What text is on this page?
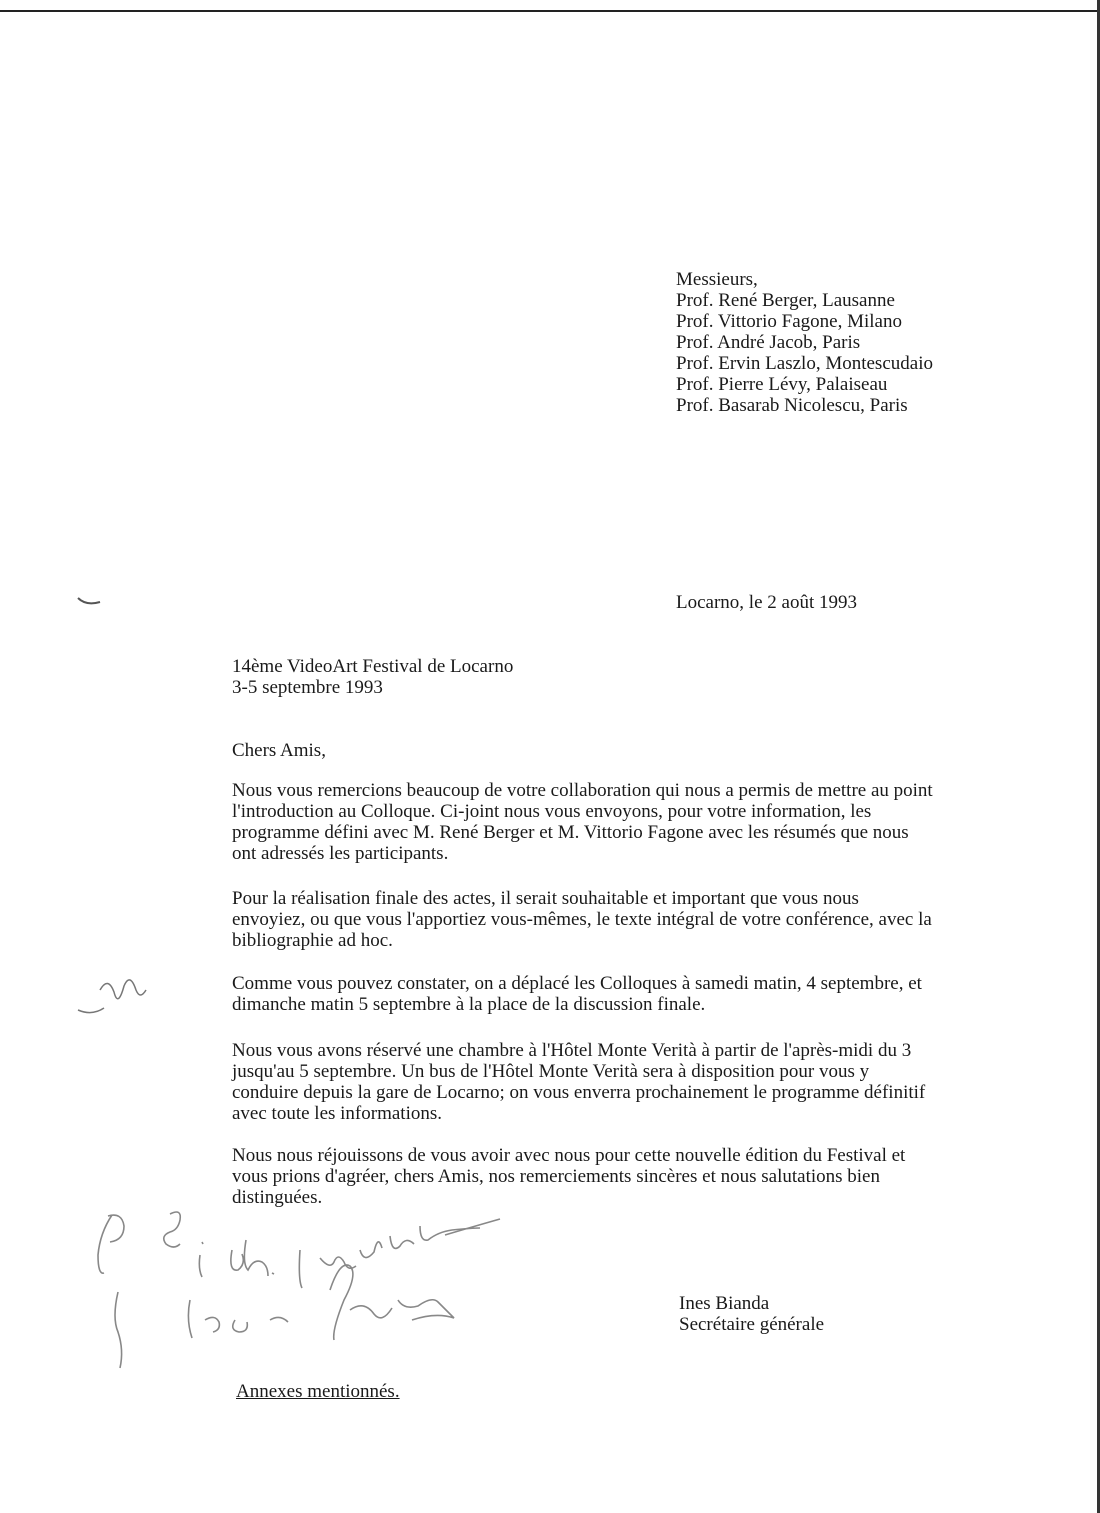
Messieurs,
Prof. René Berger, Lausanne
Prof. Vittorio Fagone, Milano
Prof. André Jacob, Paris
Prof. Ervin Laszlo, Montescudaio
Prof. Pierre Lévy, Palaiseau
Prof. Basarab Nicolescu, Paris
Locarno, le 2 août 1993
14ème VideoArt Festival de Locarno
3-5 septembre 1993
Chers Amis,
Nous vous remercions beaucoup de votre collaboration qui nous a permis de mettre au point
l'introduction au Colloque. Ci-joint nous vous envoyons, pour votre information, les
programme défini avec M. René Berger et M. Vittorio Fagone avec les résumés que nous
ont adressés les participants.
Pour la réalisation finale des actes, il serait souhaitable et important que vous nous
envoyiez, ou que vous l'apportiez vous-mêmes, le texte intégral de votre conférence, avec la
bibliographie ad hoc.
Comme vous pouvez constater, on a déplacé les Colloques à samedi matin, 4 septembre, et
dimanche matin 5 septembre à la place de la discussion finale.
Nous vous avons réservé une chambre à l'Hôtel Monte Verità à partir de l'après-midi du 3
jusqu'au 5 septembre. Un bus de l'Hôtel Monte Verità sera à disposition pour vous y
conduire depuis la gare de Locarno; on vous enverra prochainement le programme définitif
avec toute les informations.
Nous nous réjouissons de vous avoir avec nous pour cette nouvelle édition du Festival et
vous prions d'agréer, chers Amis, nos remerciements sincères et nous salutations bien
distinguées.
Ines Bianda
Secrétaire générale
Annexes mentionnés.
